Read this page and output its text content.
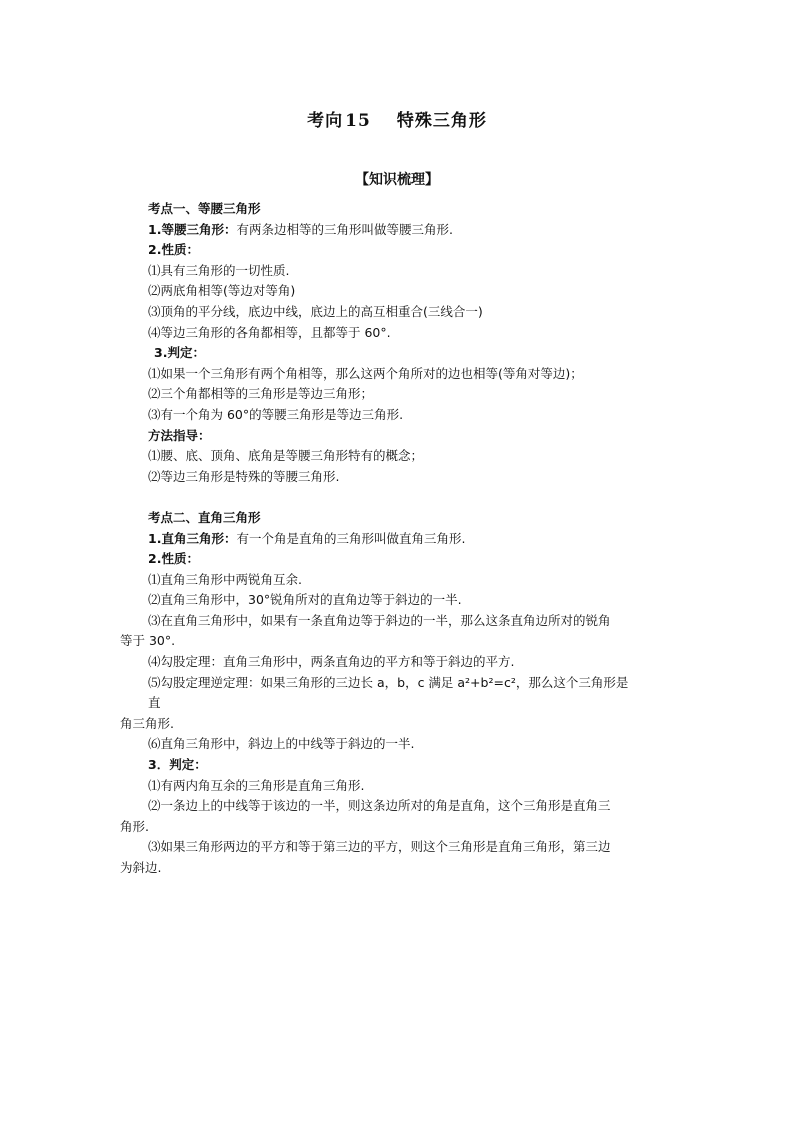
考向 15 特殊三角形
【知识梳理】
考点一、等腰三角形
1.等腰三角形：有两条边相等的三角形叫做等腰三角形.
2.性质：
⑴具有三角形的一切性质.
⑵两底角相等(等边对等角)
⑶顶角的平分线，底边中线，底边上的高互相重合(三线合一)
⑷等边三角形的各角都相等，且都等于 60°.
3.判定：
⑴如果一个三角形有两个角相等，那么这两个角所对的边也相等(等角对等边)；
⑵三个角都相等的三角形是等边三角形；
⑶有一个角为 60°的等腰三角形是等边三角形.
方法指导：
⑴腰、底、顶角、底角是等腰三角形特有的概念；
⑵等边三角形是特殊的等腰三角形.
考点二、直角三角形
1.直角三角形：有一个角是直角的三角形叫做直角三角形.
2.性质：
⑴直角三角形中两锐角互余.
⑵直角三角形中，30°锐角所对的直角边等于斜边的一半.
⑶在直角三角形中，如果有一条直角边等于斜边的一半，那么这条直角边所对的锐角
等于 30°.
⑷勾股定理：直角三角形中，两条直角边的平方和等于斜边的平方.
⑸勾股定理逆定理：如果三角形的三边长 a，b，c 满足 a²+b²=c²，那么这个三角形是
直
角三角形.
⑹直角三角形中，斜边上的中线等于斜边的一半.
3．判定：
⑴有两内角互余的三角形是直角三角形.
⑵一条边上的中线等于该边的一半，则这条边所对的角是直角，这个三角形是直角三
角形.
⑶如果三角形两边的平方和等于第三边的平方，则这个三角形是直角三角形，第三边
为斜边.
